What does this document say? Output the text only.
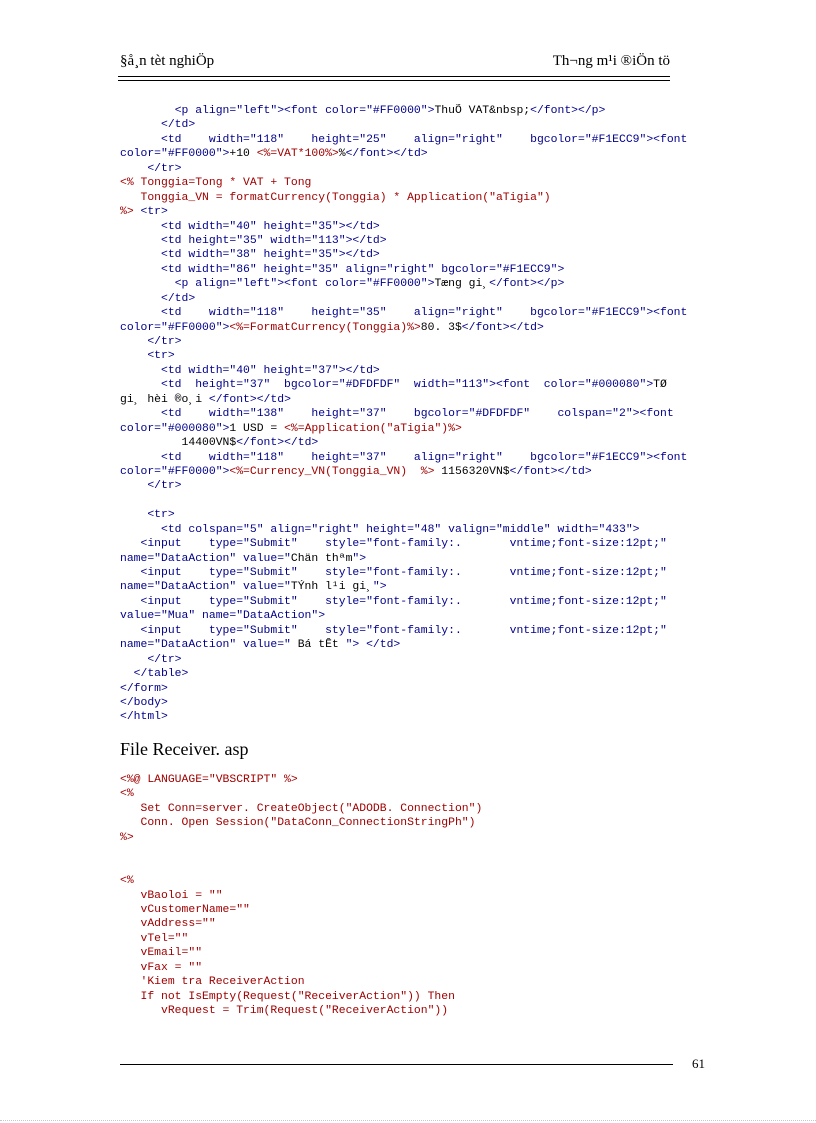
§å¸n tèt nghiÖp	Th¬ng m¹i ®iÖn tö
<p align="left"><font color="#FF0000">ThuÕ VAT&nbsp;</font></p>
</td>
<td    width="118"    height="25"    align="right"    bgcolor="#F1ECC9"><font
color="#FF0000">+10 <%=VAT*100%>%</font></td>
</tr>
<% Tonggia=Tong * VAT + Tong
Tonggia_VN = formatCurrency(Tonggia) * Application("aTigia")
%> <tr>
<td width="40" height="35"></td>
<td height="35" width="113"></td>
<td width="38" height="35"></td>
<td width="86" height="35" align="right" bgcolor="#F1ECC9">
<p align="left"><font color="#FF0000">Tæng gi¸</font></p>
</td>
<td    width="118"    height="35"    align="right"    bgcolor="#F1ECC9"><font
color="#FF0000"><%=FormatCurrency(Tonggia)%>80. 3$</font></td>
</tr>
<tr>
<td width="40" height="37"></td>
<td  height="37"  bgcolor="#DFDFDF"  width="113"><font  color="#000080">TØ
gi¸ hèi ®o¸i </font></td>
<td    width="138"    height="37"    bgcolor="#DFDFDF"    colspan="2"><font
color="#000080">1 USD = <%=Application("aTigia")%>
14400VN$</font></td>
<td    width="118"    height="37"    align="right"    bgcolor="#F1ECC9"><font
color="#FF0000"><%=Currency_VN(Tonggia_VN)  %> 1156320VN$</font></td>
</tr>

<tr>
<td colspan="5" align="right" height="48" valign="middle" width="433">
<input    type="Submit"    style="font-family:.       vntime;font-size:12pt;"
name="DataAction" value="Chän thªm">
<input    type="Submit"    style="font-family:.       vntime;font-size:12pt;"
name="DataAction" value="TÝnh l¹i gi¸">
<input    type="Submit"    style="font-family:.       vntime;font-size:12pt;"
value="Mua" name="DataAction">
<input    type="Submit"    style="font-family:.       vntime;font-size:12pt;"
name="DataAction" value=" Bá tÊt "> </td>
</tr>
</table>
</form>
</body>
</html>
File Receiver. asp
<%@ LANGUAGE="VBSCRIPT" %>
<%
Set Conn=server. CreateObject("ADODB. Connection")
Conn. Open Session("DataConn_ConnectionStringPh")
%>

<%
vBaoloi = ""
vCustomerName=""
vAddress=""
vTel=""
vEmail=""
vFax = ""
'Kiem tra ReceiverAction
If not IsEmpty(Request("ReceiverAction")) Then
vRequest = Trim(Request("ReceiverAction"))
61
